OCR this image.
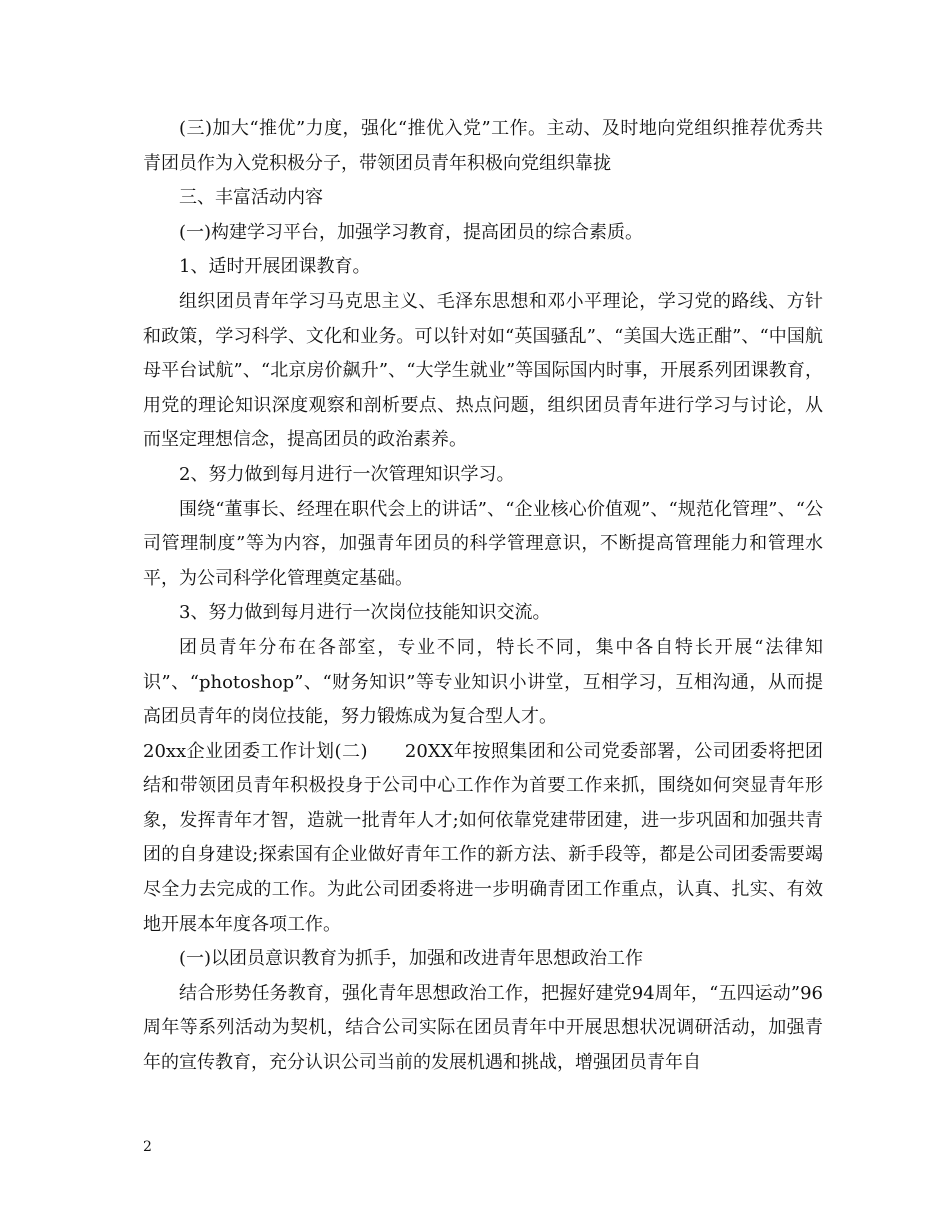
(三)加大“推优”力度，强化“推优入党”工作。主动、及时地向党组织推荐优秀共青团员作为入党积极分子，带领团员青年积极向党组织靠拢

三、丰富活动内容

(一)构建学习平台，加强学习教育，提高团员的综合素质。

1、适时开展团课教育。

组织团员青年学习马克思主义、毛泽东思想和邓小平理论，学习党的路线、方针和政策，学习科学、文化和业务。可以针对如“英国骚乱”、“美国大选正酣”、“中国航母平台试航”、“北京房价飙升”、“大学生就业”等国际国内时事，开展系列团课教育，用党的理论知识深度观察和剖析要点、热点问题，组织团员青年进行学习与讨论，从而坚定理想信念，提高团员的政治素养。

2、努力做到每月进行一次管理知识学习。

围绕“董事长、经理在职代会上的讲话”、“企业核心价值观”、“规范化管理”、“公司管理制度”等为内容，加强青年团员的科学管理意识，不断提高管理能力和管理水平，为公司科学化管理奠定基础。

3、努力做到每月进行一次岗位技能知识交流。

团员青年分布在各部室，专业不同，特长不同，集中各自特长开展“法律知识”、“photoshop”、“财务知识”等专业知识小讲堂，互相学习，互相沟通，从而提高团员青年的岗位技能，努力锻炼成为复合型人才。

20xx企业团委工作计划(二)　　20XX年按照集团和公司党委部署，公司团委将把团结和带领团员青年积极投身于公司中心工作作为首要工作来抓，围绕如何突显青年形象，发挥青年才智，造就一批青年人才;如何依靠党建带团建，进一步巩固和加强共青团的自身建设;探索国有企业做好青年工作的新方法、新手段等，都是公司团委需要竭尽全力去完成的工作。为此公司团委将进一步明确青团工作重点，认真、扎实、有效地开展本年度各项工作。

(一)以团员意识教育为抓手，加强和改进青年思想政治工作

结合形势任务教育，强化青年思想政治工作，把握好建党94周年，“五四运动”96周年等系列活动为契机，结合公司实际在团员青年中开展思想状况调研活动，加强青年的宣传教育，充分认识公司当前的发展机遇和挑战，增强团员青年自

2
